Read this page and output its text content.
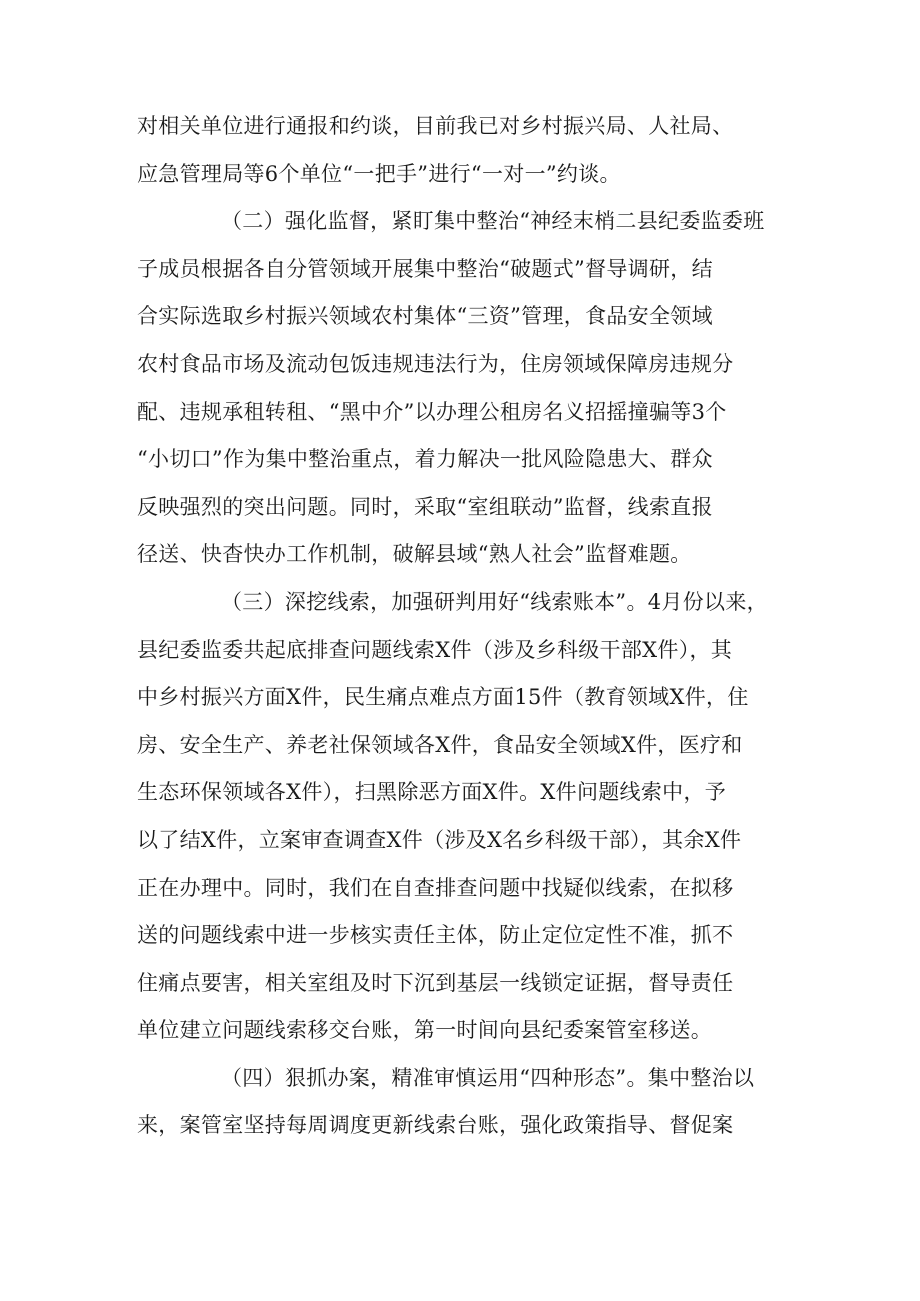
对相关单位进行通报和约谈，目前我已对乡村振兴局、人社局、
应急管理局等6个单位“一把手”进行“一对一”约谈。
（二）强化监督，紧盯集中整治“神经末梢二县纪委监委班
子成员根据各自分管领域开展集中整治“破题式”督导调研，结
合实际选取乡村振兴领域农村集体“三资”管理，食品安全领域
农村食品市场及流动包饭违规违法行为，住房领域保障房违规分
配、违规承租转租、“黑中介”以办理公租房名义招摇撞骗等3个
“小切口”作为集中整治重点，着力解决一批风险隐患大、群众
反映强烈的突出问题。同时，采取“室组联动”监督，线索直报
径送、快杳快办工作机制，破解县域“熟人社会”监督难题。
（三）深挖线索，加强研判用好“线索账本”。4月份以来，
县纪委监委共起底排查问题线索X件（涉及乡科级干部X件），其
中乡村振兴方面X件，民生痛点难点方面15件（教育领域X件，住
房、安全生产、养老社保领域各X件，食品安全领域X件，医疗和
生态环保领域各X件），扫黑除恶方面X件。X件问题线索中，予
以了结X件，立案审查调查X件（涉及X名乡科级干部），其余X件
正在办理中。同时，我们在自查排查问题中找疑似线索，在拟移
送的问题线索中进一步核实责任主体，防止定位定性不准，抓不
住痛点要害，相关室组及时下沉到基层一线锁定证据，督导责任
单位建立问题线索移交台账，第一时间向县纪委案管室移送。
（四）狠抓办案，精准审慎运用“四种形态”。集中整治以
来，案管室坚持每周调度更新线索台账，强化政策指导、督促案
